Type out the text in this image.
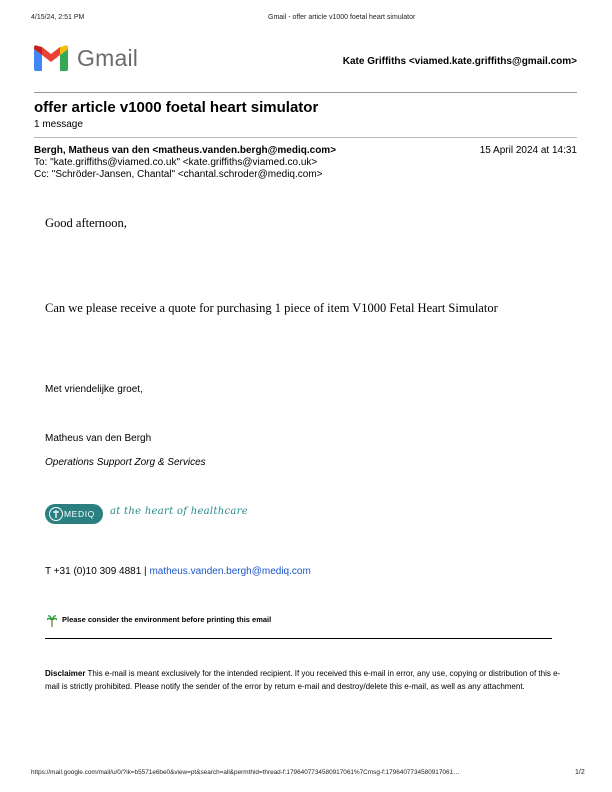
4/15/24, 2:51 PM	Gmail - offer article v1000 foetal heart simulator
Gmail	Kate Griffiths <viamed.kate.griffiths@gmail.com>
offer article v1000 foetal heart simulator
1 message
Bergh, Matheus van den <matheus.vanden.bergh@mediq.com>	15 April 2024 at 14:31
To: "kate.griffiths@viamed.co.uk" <kate.griffiths@viamed.co.uk>
Cc: "Schröder-Jansen, Chantal" <chantal.schroder@mediq.com>
Good afternoon,
Can we please receive a quote for purchasing 1 piece of item V1000 Fetal Heart Simulator
Met vriendelijke groet,
Matheus van den Bergh
Operations Support Zorg & Services
MEDIQ	at the heart of healthcare
T +31 (0)10 309 4881 | matheus.vanden.bergh@mediq.com
Please consider the environment before printing this email
Disclaimer This e-mail is meant exclusively for the intended recipient. If you received this e-mail in error, any use, copying or distribution of this e-mail is strictly prohibited. Please notify the sender of the error by return e-mail and destroy/delete this e-mail, as well as any attachment.
https://mail.google.com/mail/u/0/?ik=b5571e6be0&view=pt&search=all&permthid=thread-f:1796407734580917061%7Cmsg-f:1796407734580917061…	1/2
